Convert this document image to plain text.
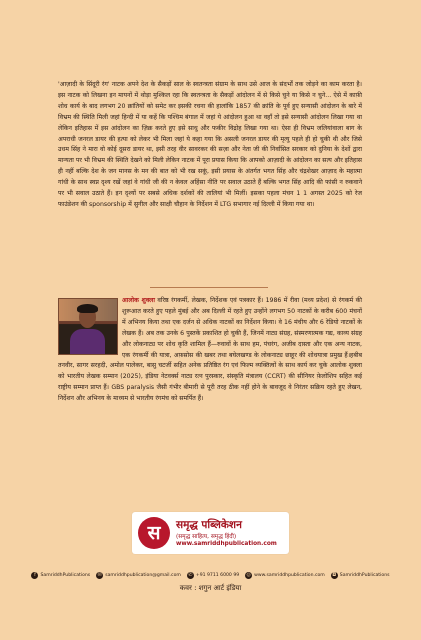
'आज़ादी के सिंदूरी रंग' नाटक अपने देश के सैकड़ों साल के स्वतन्त्रता संग्राम के साथ उसे आज के संदर्भों तक जोड़ने का काम करता है। इस नाटक को लिखना इन मायनों में थोड़ा मुश्किल रहा कि स्वतन्त्रता के सैकड़ों आंदोलन में से किसे चुने या किसे न चुने... ऐसे में काफ़ी शोध कार्य के बाद लगभग 20 क्रांतियों को समेट कर इसकी रचना की हालांकि 1857 की क्रांति के पूर्व हुए सन्यासी आंदोलन के बारे में विभ्रम की स्थिति मिली जहां हिन्दी में या कहें कि पश्चिम बंगाल में जहां ये आंदोलन हुआ था वहाँ तो इसे सन्यासी आंदोलन लिखा गया था लेकिन इतिहास में इस आंदोलन का ज़िक्र करते हुए इसे साधु और फकीर विद्रोह लिखा गया था। ऐसा ही विभ्रम जलियांवाला बाग के अपराधी जनरल डायर की हत्या को लेकर भी मिला जहां ये कहा गया कि असली जनरल डायर की मृत्यु पहले ही हो चुकी थी और जिसे उधम सिंह ने मारा वो कोई दूसरा डायर था, इसी तरह वीर सावरकर की सज़ा और नेता जी की निर्वासित सरकार को दुनिया के देशों द्वारा मान्यता पर भी विभ्रम की स्थिति देखने को मिली लेकिन नाटक में पूरा प्रयास किया कि आपको आज़ादी के आंदोलन का सत्य और इतिहास ही नहीं बल्कि देश के जन मानस के मन की बात को भी रख सकूं, इसी प्रयास के अंतर्गत भगत सिंह और चंद्रशेखर आज़ाद के महात्मा गांधी के साथ स्वप्न दृश्य रखें जहां वे गांधी जी की न केवल अहिंसा नीति पर सवाल उठाते हैं बल्कि भगत सिंह आदि की फांसी न रुकवाने पर भी सवाल उठाते हैं। इन दृश्यों पर सबसे अधिक दर्शकों की तालियां भी मिलीं। इसका पहला मंचन 1 1 अगस्त 2025 को रेज फाउंडेशन की sponsorship में सुनील और साक्षी चौहान के निर्देशन में LTG सभागार नई दिल्ली में किया गया था।
आलोक शुक्ला वरिष्ठ रंगकर्मी, लेखक, निर्देशक एवं पत्रकार हैं। 1986 में रीवा (मध्य प्रदेश) से रंगकर्म की शुरूआत करते हुए पहले मुंबई और अब दिल्ली में रहते हुए उन्होंने लगभग 50 नाटकों के करीब 600 मंचनों में अभिनय किया तथा एक दर्जन से अधिक नाटकों का निर्देशन किया। वे 16 मंचीय और 6 रेडियो नाटकों के लेखक हैं। अब तक उनके 6 पुस्तकें प्रकाशित हो चुकी हैं, जिनमें नाट्य संग्रह, संस्मरणात्मक गद्य, काव्य संग्रह और लोकनाट्य पर शोध कृति शामिल हैं—रुवावों के साथ हम, पंचरंग, अजीब दास्ता और एक अन्य नाटक, एक रंगकर्मी की यात्रा, अफ़सोस की खबर तथा बघेलखण्ड के लोकनाट्य छाहूर की शोधयात्रा प्रमुख हैं।हबीब तनवीर, सागर सरहदी, अमोल पालेकर, बासु चटर्जी सहित अनेक प्रतिष्ठित रंग एवं फिल्म व्यक्तित्वों के साथ कार्य कर चुके आलोक शुक्ला को भारतीय लेखक सम्मान (2025), इंडिया नेटवर्क्स नाट्य रत्न पुरस्कार, संस्कृति मंत्रालय (CCRT) की सीनियर फ़ेलोशिप सहित कई राष्ट्रीय सम्मान प्राप्त हैं। GBS paralysis जैसी गंभीर बीमारी से पूरी तरह ठीक नहीं होने के बावजूद वे निरंतर सक्रिय रहते हुए लेखन, निर्देशन और अभिनय के माध्यम से भारतीय रंगमंच को समर्पित हैं।
स	समृद्ध पब्लिकेशन
(समृद्ध साहित्य, समृद्ध हिंदी)
www.samriddhpublication.com
f	SamriddhPublications ✉ samriddhpublication@gmail.com ✆ +91 9711 6000 99 ◎ www.samriddhpublication.com	◘ SamriddhPublications
कवर : शगुन आर्ट इंडिया
